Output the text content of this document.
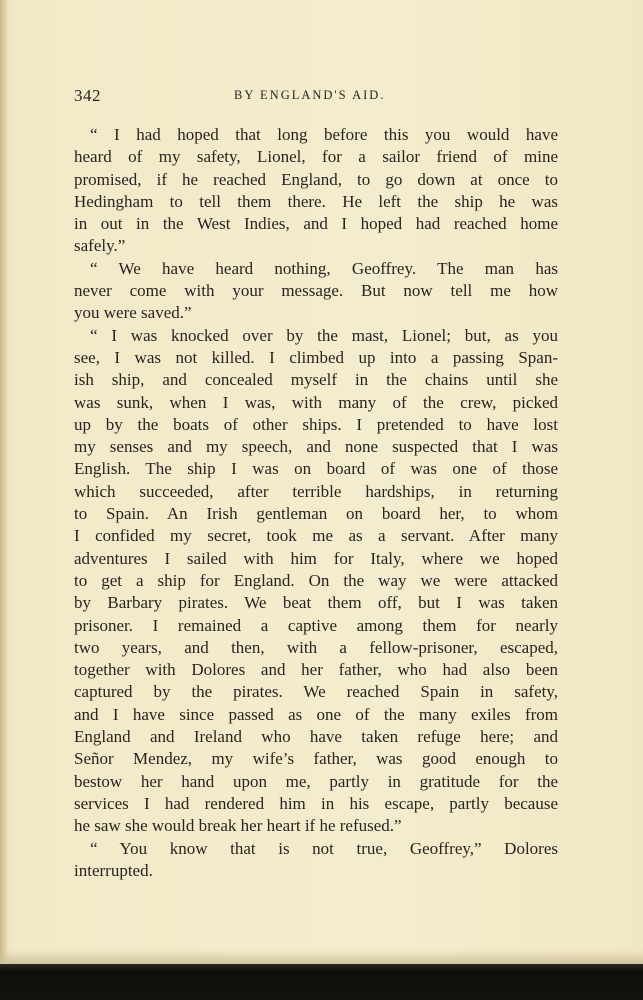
342	BY ENGLAND'S AID.
“ I had hoped that long before this you would have
heard of my safety, Lionel, for a sailor friend of mine
promised, if he reached England, to go down at once to
Hedingham to tell them there. He left the ship he was
in out in the West Indies, and I hoped had reached home
safely.”
“ We have heard nothing, Geoffrey. The man has
never come with your message. But now tell me how
you were saved.”
“ I was knocked over by the mast, Lionel; but, as you
see, I was not killed. I climbed up into a passing Span-
ish ship, and concealed myself in the chains until she
was sunk, when I was, with many of the crew, picked
up by the boats of other ships. I pretended to have lost
my senses and my speech, and none suspected that I was
English. The ship I was on board of was one of those
which succeeded, after terrible hardships, in returning
to Spain. An Irish gentleman on board her, to whom
I confided my secret, took me as a servant. After many
adventures I sailed with him for Italy, where we hoped
to get a ship for England. On the way we were attacked
by Barbary pirates. We beat them off, but I was taken
prisoner. I remained a captive among them for nearly
two years, and then, with a fellow-prisoner, escaped,
together with Dolores and her father, who had also been
captured by the pirates. We reached Spain in safety,
and I have since passed as one of the many exiles from
England and Ireland who have taken refuge here; and
Señor Mendez, my wife’s father, was good enough to
bestow her hand upon me, partly in gratitude for the
services I had rendered him in his escape, partly because
he saw she would break her heart if he refused.”
“ You know that is not true, Geoffrey,” Dolores
interrupted.
